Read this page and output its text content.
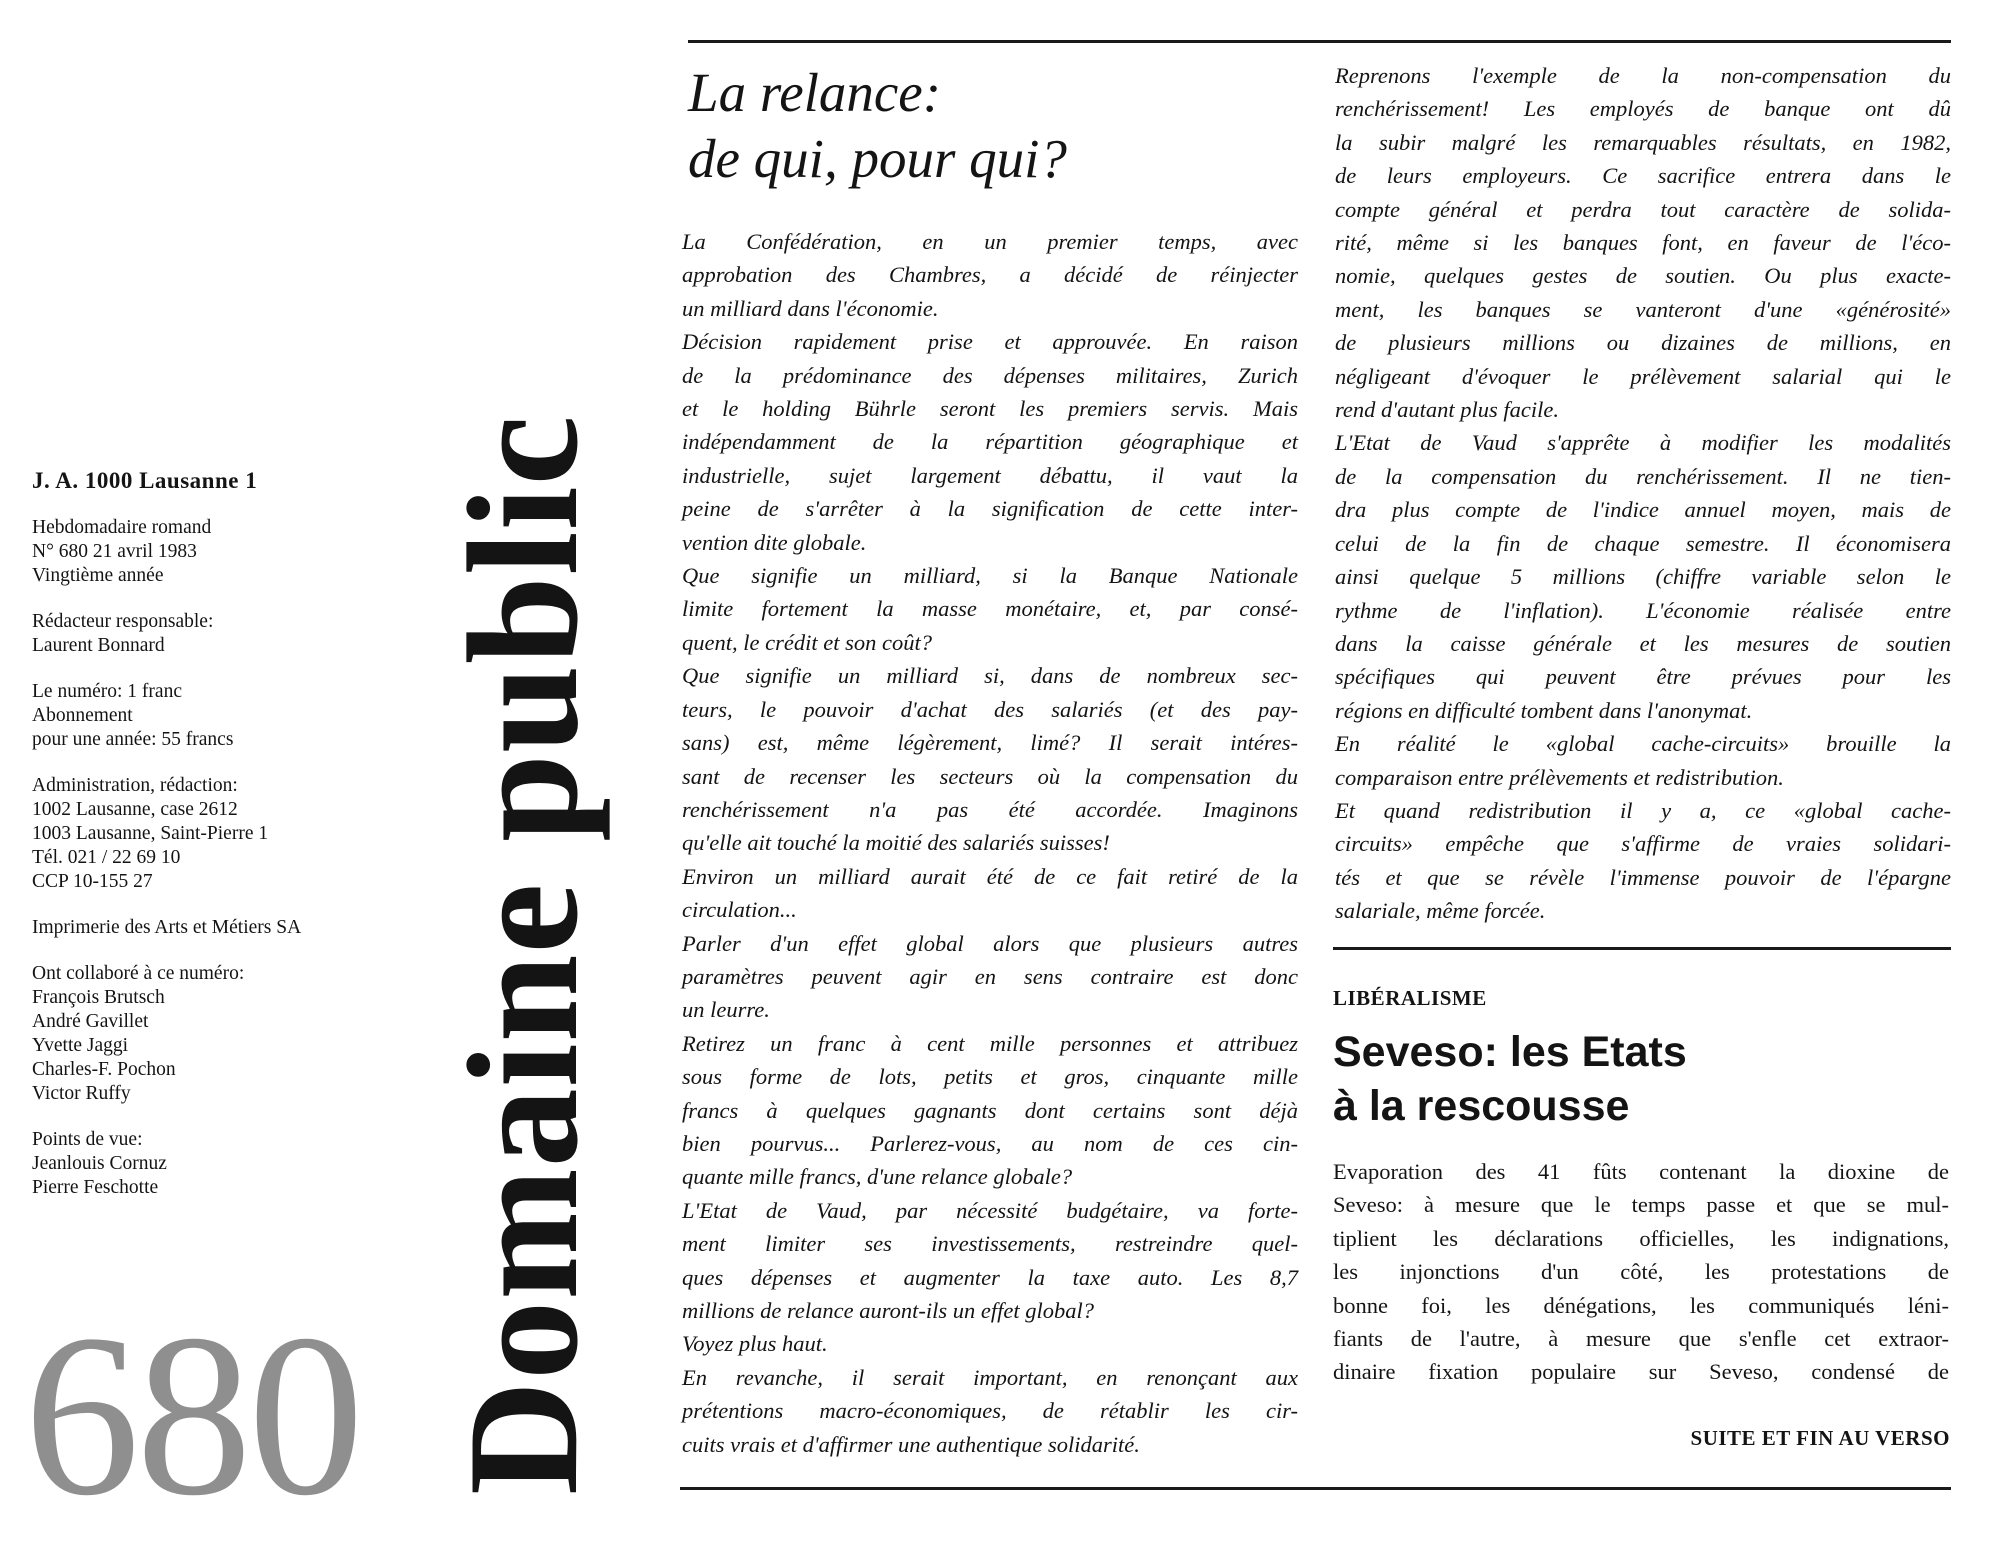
J. A. 1000 Lausanne 1
Hebdomadaire romand
N° 680 21 avril 1983
Vingtième année
Rédacteur responsable:
Laurent Bonnard
Le numéro: 1 franc
Abonnement
pour une année: 55 francs
Administration, rédaction:
1002 Lausanne, case 2612
1003 Lausanne, Saint-Pierre 1
Tél. 021 / 22 69 10
CCP 10-155 27
Imprimerie des Arts et Métiers SA
Ont collaboré à ce numéro:
François Brutsch
André Gavillet
Yvette Jaggi
Charles-F. Pochon
Victor Ruffy
Points de vue:
Jeanlouis Cornuz
Pierre Feschotte
680 Domaine public
La relance:
de qui, pour qui?
La Confédération, en un premier temps, avec
approbation des Chambres, a décidé de réinjecter
un milliard dans l'économie.
Décision rapidement prise et approuvée. En raison
de la prédominance des dépenses militaires, Zurich
et le holding Bührle seront les premiers servis. Mais
indépendamment de la répartition géographique et
industrielle, sujet largement débattu, il vaut la
peine de s'arrêter à la signification de cette inter-
vention dite globale.
Que signifie un milliard, si la Banque Nationale
limite fortement la masse monétaire, et, par consé-
quent, le crédit et son coût?
Que signifie un milliard si, dans de nombreux sec-
teurs, le pouvoir d'achat des salariés (et des pay-
sans) est, même légèrement, limé? Il serait intéres-
sant de recenser les secteurs où la compensation du
renchérissement n'a pas été accordée. Imaginons
qu'elle ait touché la moitié des salariés suisses!
Environ un milliard aurait été de ce fait retiré de la
circulation...
Parler d'un effet global alors que plusieurs autres
paramètres peuvent agir en sens contraire est donc
un leurre.
Retirez un franc à cent mille personnes et attribuez
sous forme de lots, petits et gros, cinquante mille
francs à quelques gagnants dont certains sont déjà
bien pourvus... Parlerez-vous, au nom de ces cin-
quante mille francs, d'une relance globale?
L'Etat de Vaud, par nécessité budgétaire, va forte-
ment limiter ses investissements, restreindre quel-
ques dépenses et augmenter la taxe auto. Les 8,7
millions de relance auront-ils un effet global?
Voyez plus haut.
En revanche, il serait important, en renonçant aux
prétentions macro-économiques, de rétablir les cir-
cuits vrais et d'affirmer une authentique solidarité.
Reprenons l'exemple de la non-compensation du
renchérissement! Les employés de banque ont dû
la subir malgré les remarquables résultats, en 1982,
de leurs employeurs. Ce sacrifice entrera dans le
compte général et perdra tout caractère de solida-
rité, même si les banques font, en faveur de l'éco-
nomie, quelques gestes de soutien. Ou plus exacte-
ment, les banques se vanteront d'une «générosité»
de plusieurs millions ou dizaines de millions, en
négligeant d'évoquer le prélèvement salarial qui le
rend d'autant plus facile.
L'Etat de Vaud s'apprête à modifier les modalités
de la compensation du renchérissement. Il ne tien-
dra plus compte de l'indice annuel moyen, mais de
celui de la fin de chaque semestre. Il économisera
ainsi quelque 5 millions (chiffre variable selon le
rythme de l'inflation). L'économie réalisée entre
dans la caisse générale et les mesures de soutien
spécifiques qui peuvent être prévues pour les
régions en difficulté tombent dans l'anonymat.
En réalité le «global cache-circuits» brouille la
comparaison entre prélèvements et redistribution.
Et quand redistribution il y a, ce «global cache-
circuits» empêche que s'affirme de vraies solidari-
tés et que se révèle l'immense pouvoir de l'épargne
salariale, même forcée.
LIBÉRALISME
Seveso: les Etats
à la rescousse
Evaporation des 41 fûts contenant la dioxine de
Seveso: à mesure que le temps passe et que se mul-
tiplient les déclarations officielles, les indignations,
les injonctions d'un côté, les protestations de
bonne foi, les dénégations, les communiqués léni-
fiants de l'autre, à mesure que s'enfle cet extraor-
dinaire fixation populaire sur Seveso, condensé de
SUITE ET FIN AU VERSO
